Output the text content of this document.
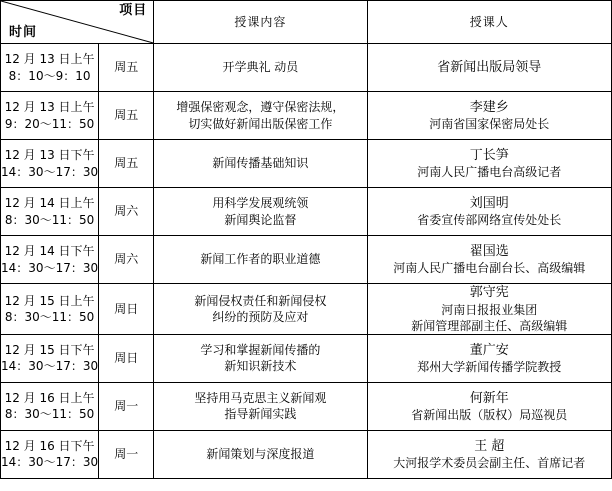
项目
时间		授课内容	授课人

12 月 13 日上午
8：10～9：10	周五	开学典礼 动员	省新闻出版局领导

12 月 13 日上午
9：20～11：50	周五	增强保密观念，遵守保密法规，
切实做好新闻出版保密工作	李建乡
河南省国家保密局处长

12 月 13 日下午
14：30～17：30	周五	新闻传播基础知识	丁长笋
河南人民广播电台高级记者

12 月 14 日上午
8：30～11：50	周六	用科学发展观统领
新闻舆论监督	刘国明
省委宣传部网络宣传处处长

12 月 14 日下午
14：30～17：30	周六	新闻工作者的职业道德	翟国选
河南人民广播电台副台长、高级编辑

12 月 15 日上午
8：30～11：50	周日	新闻侵权责任和新闻侵权
纠纷的预防及应对	郭守宪
河南日报报业集团
新闻管理部副主任、高级编辑

12 月 15 日下午
14：30～17：30	周日	学习和掌握新闻传播的
新知识新技术	董广安
郑州大学新闻传播学院教授

12 月 16 日上午
8：30～11：50	周一	坚持用马克思主义新闻观
指导新闻实践	何新年
省新闻出版（版权）局巡视员

12 月 16 日下午
14：30～17：30	周一	新闻策划与深度报道	王 超
大河报学术委员会副主任、首席记者
